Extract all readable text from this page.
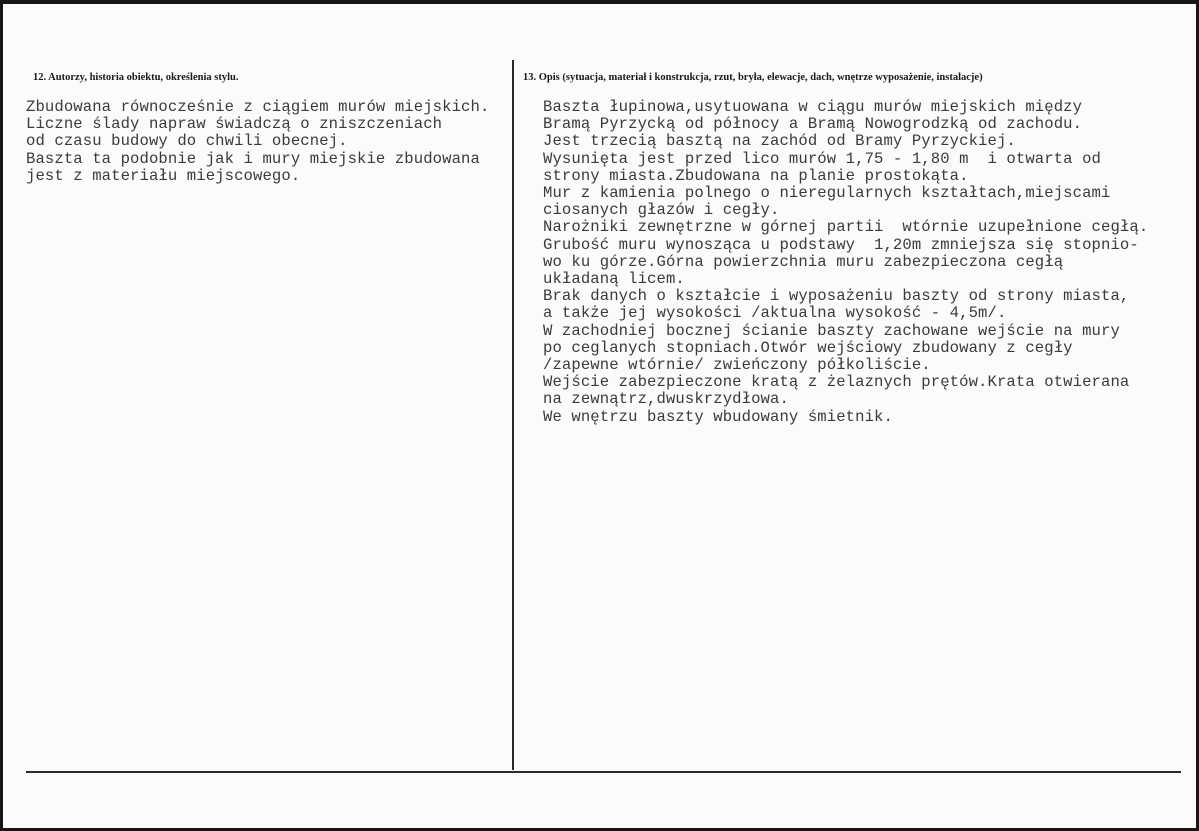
12. Autorzy, historia obiektu, określenia stylu.	13. Opis (sytuacja, materiał i konstrukcja, rzut, bryła, elewacje, dach, wnętrze wyposażenie, instalacje)
Zbudowana równocześnie z ciągiem murów miejskich.
Liczne ślady napraw świadczą o zniszczeniach
od czasu budowy do chwili obecnej.
Baszta ta podobnie jak i mury miejskie zbudowana
jest z materiału miejscowego.
Baszta łupinowa,usytuowana w ciągu murów miejskich między
Bramą Pyrzycką od północy a Bramą Nowogrodzką od zachodu.
Jest trzecią basztą na zachód od Bramy Pyrzyckiej.
Wysunięta jest przed lico murów 1,75 - 1,80 m  i otwarta od
strony miasta.Zbudowana na planie prostokąta.
Mur z kamienia polnego o nieregularnych kształtach,miejscami
ciosanych głazów i cegły.
Narożniki zewnętrzne w górnej partii  wtórnie uzupełnione cegłą.
Grubość muru wynosząca u podstawy  1,20m zmniejsza się stopnio-
wo ku górze.Górna powierzchnia muru zabezpieczona cegłą
układaną licem.
Brak danych o kształcie i wyposażeniu baszty od strony miasta,
a także jej wysokości /aktualna wysokość - 4,5m/.
W zachodniej bocznej ścianie baszty zachowane wejście na mury
po ceglanych stopniach.Otwór wejściowy zbudowany z cegły
/zapewne wtórnie/ zwieńczony półkoliście.
Wejście zabezpieczone kratą z żelaznych prętów.Krata otwierana
na zewnątrz,dwuskrzydłowa.
We wnętrzu baszty wbudowany śmietnik.
